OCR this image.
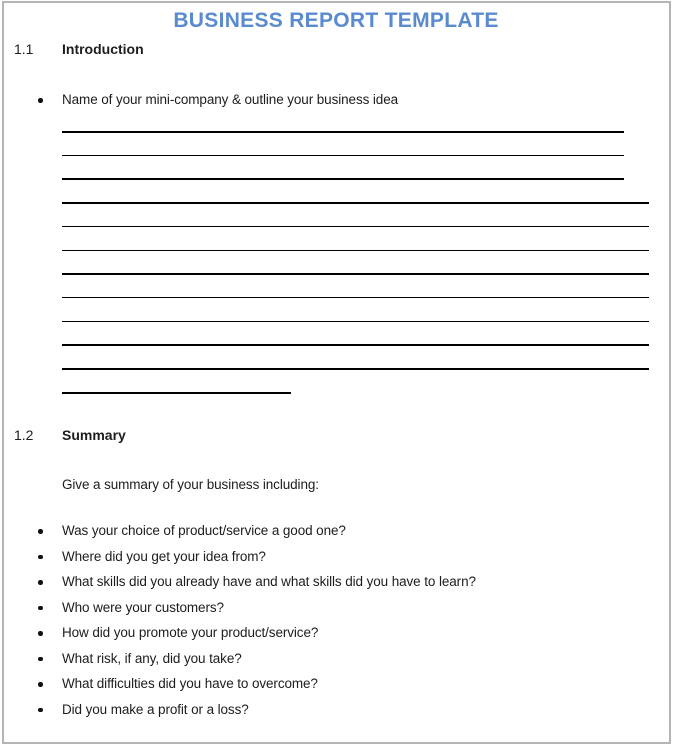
BUSINESS REPORT TEMPLATE
1.1 Introduction
Name of your mini-company & outline your business idea
1.2 Summary
Give a summary of your business including:
Was your choice of product/service a good one?
Where did you get your idea from?
What skills did you already have and what skills did you have to learn?
Who were your customers?
How did you promote your product/service?
What risk, if any, did you take?
What difficulties did you have to overcome?
Did you make a profit or a loss?
